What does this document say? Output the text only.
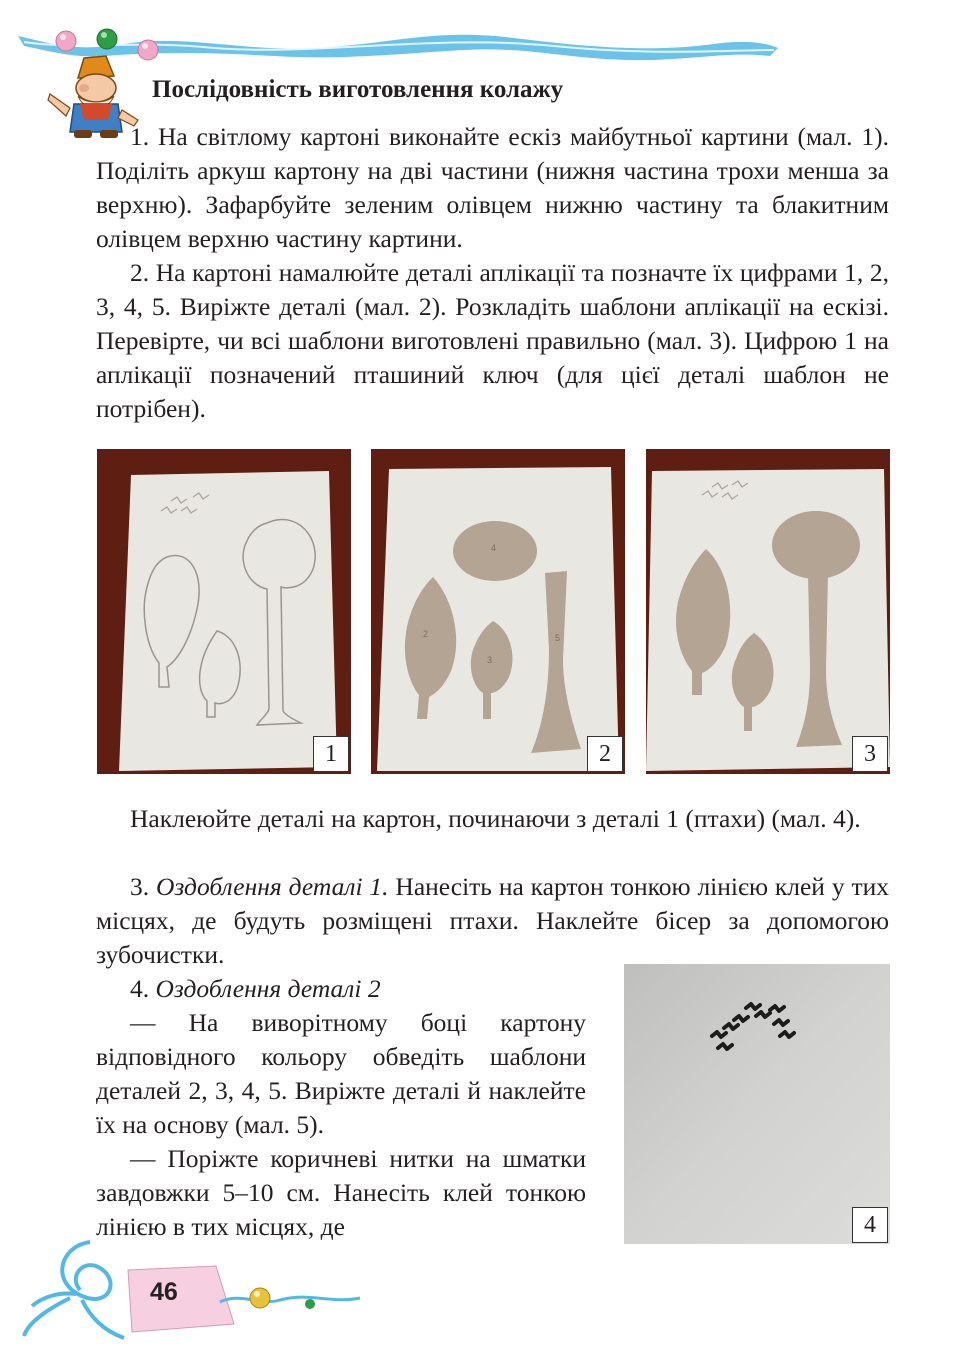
Послідовність виготовлення колажу

1. На світлому картоні виконайте ескіз майбутньої картини (мал. 1). Поділіть аркуш картону на дві частини (нижня частина трохи менша за верхню). Зафарбуйте зеленим олівцем нижню частину та блакитним олівцем верхню частину картини.

2. На картоні намалюйте деталі аплікації та позначте їх цифрами 1, 2, 3, 4, 5. Виріжте деталі (мал. 2). Розкладіть шаблони аплікації на ескізі. Перевірте, чи всі шаблони виготовлені правильно (мал. 3). Цифрою 1 на аплікації позначений пташиний ключ (для цієї деталі шаблон не потрібен).

1
2
3
4
5
2	3

Наклеюйте деталі на картон, починаючи з деталі 1 (птахи) (мал. 4).

3. Оздоблення деталі 1. Нанесіть на картон тонкою лінією клей у тих місцях, де будуть розміщені птахи. Наклейте бісер за допомогою зубочистки.

4. Оздоблення деталі 2

— На виворітному боці картону відповідного кольору обведіть шаблони деталей 2, 3, 4, 5. Виріжте деталі й наклейте їх на основу (мал. 5).

— Поріжте коричневі нитки на шматки завдовжки 5–10 см. Нанесіть клей тонкою лінією в тих місцях, де	4
46
